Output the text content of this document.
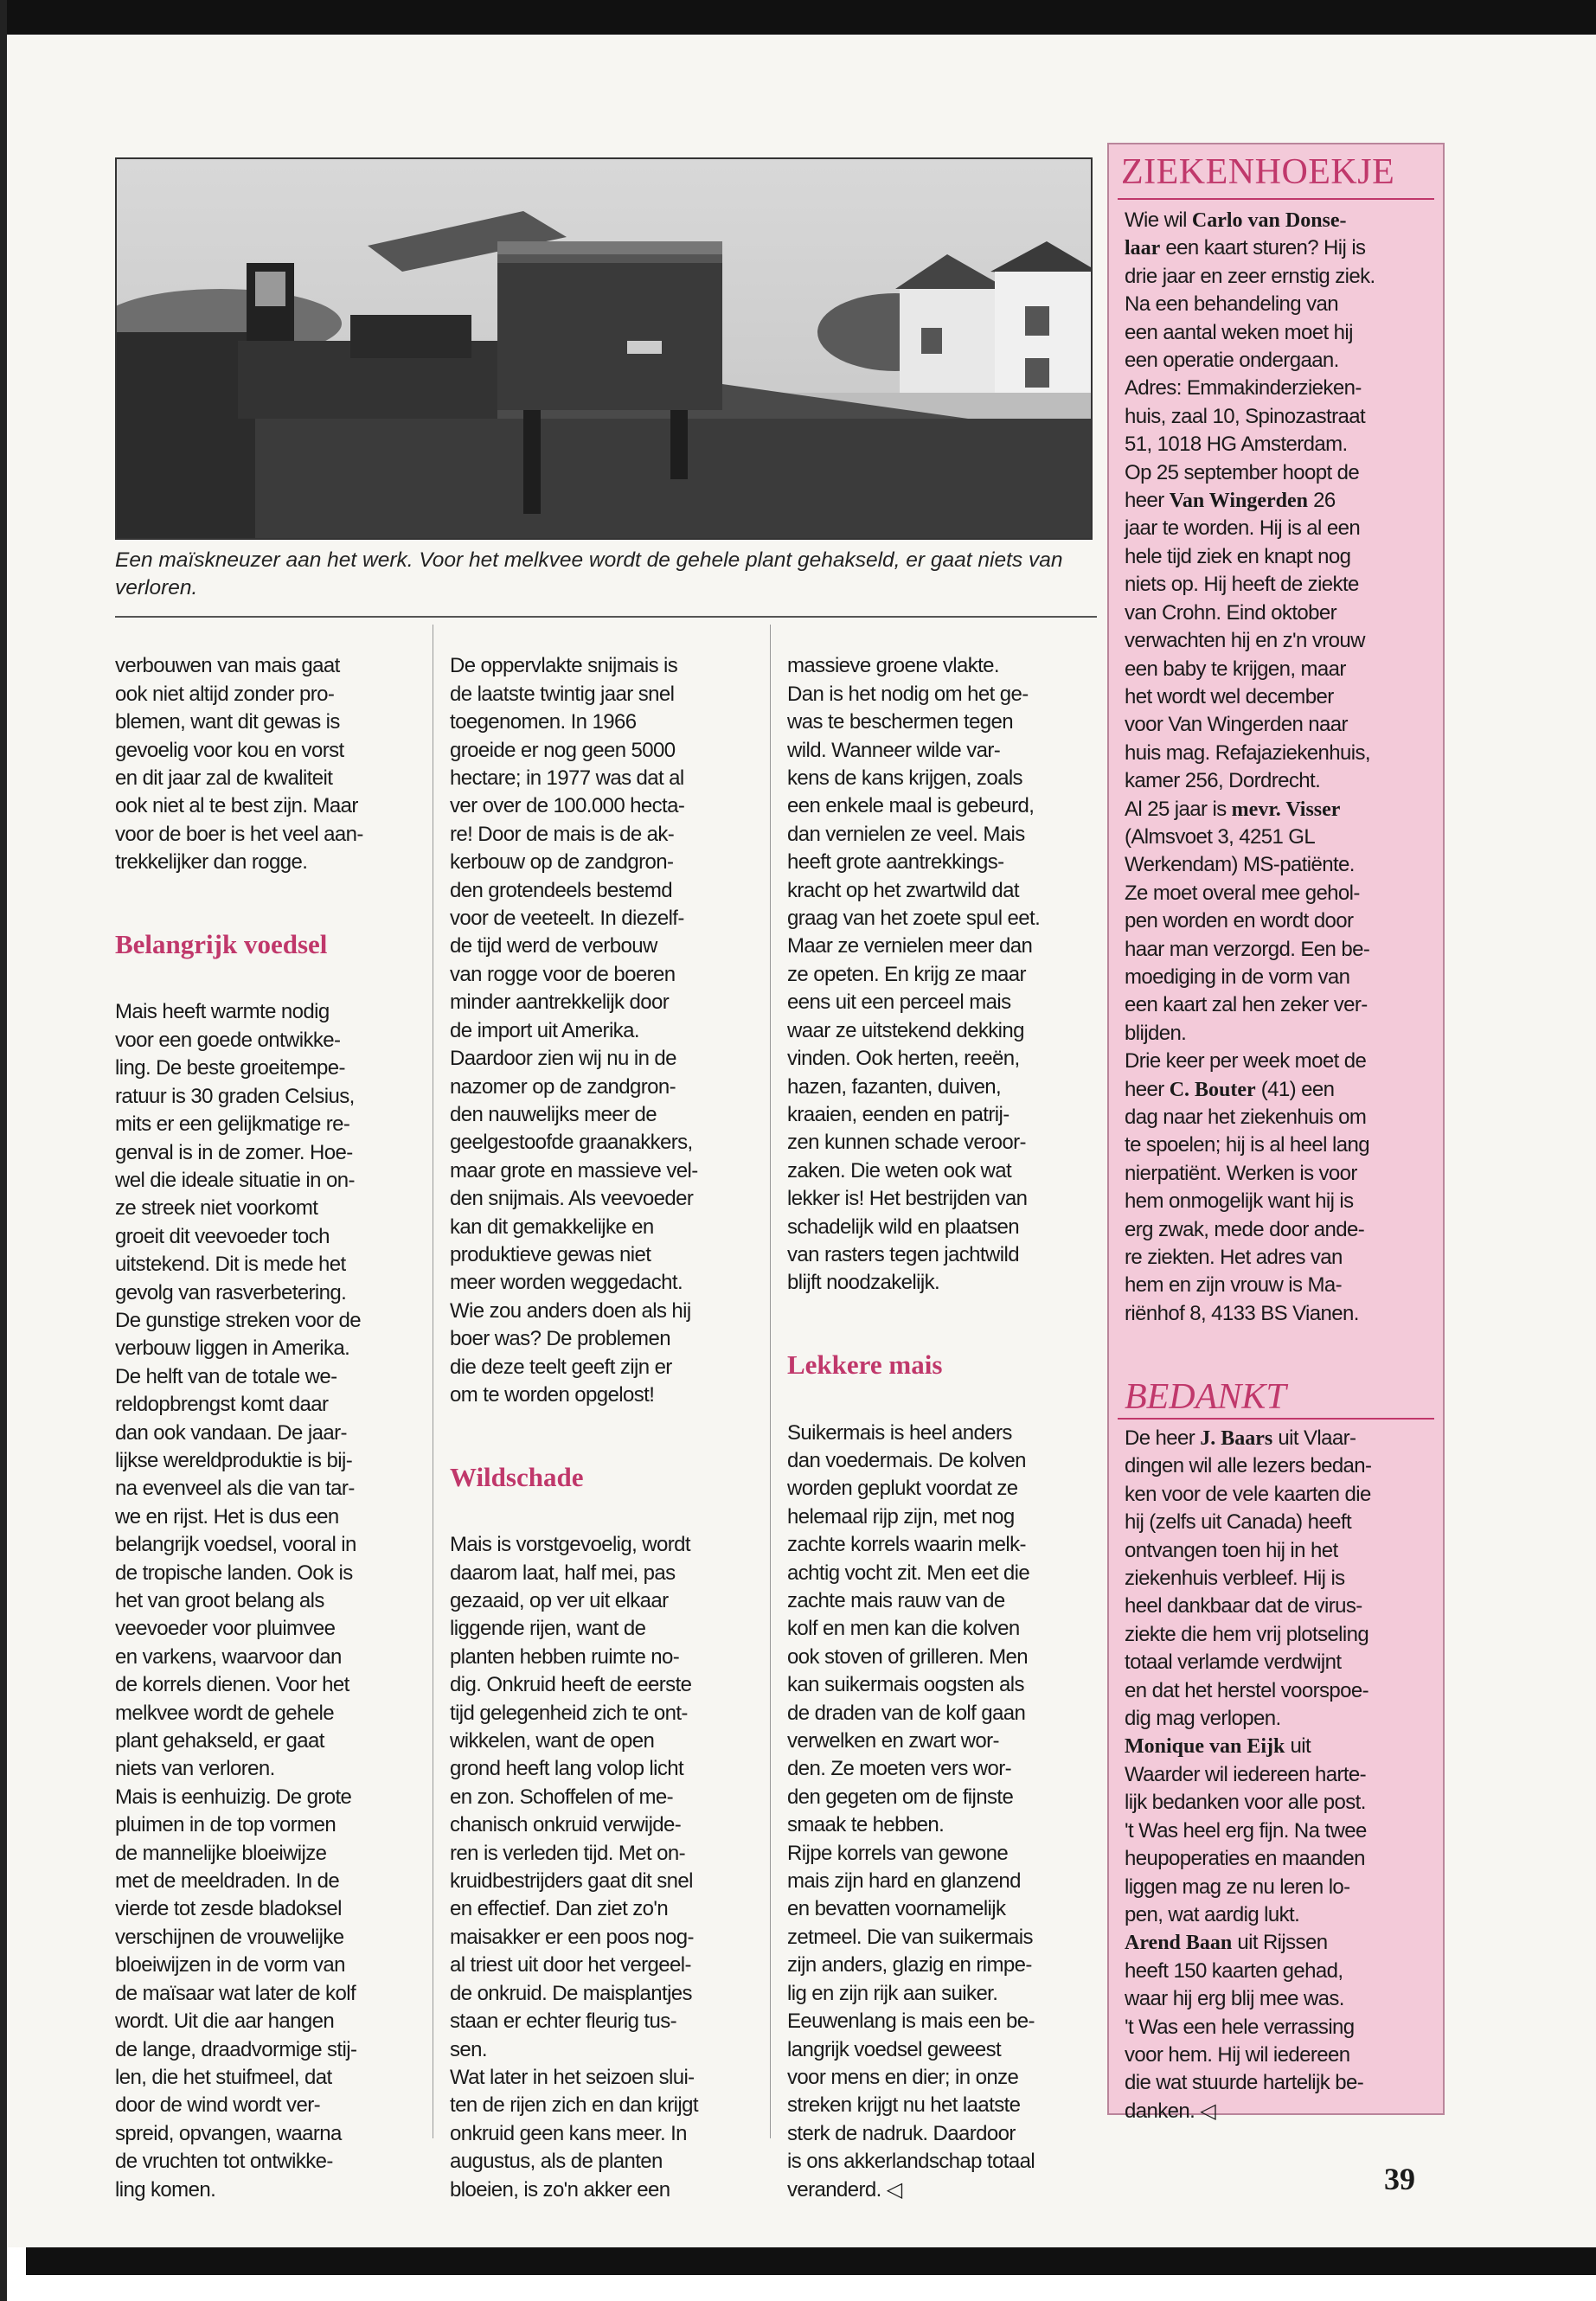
Een maïskneuzer aan het werk. Voor het melkvee wordt de gehele plant gehakseld, er gaat niets van verloren.

verbouwen van mais gaat
ook niet altijd zonder pro-
blemen, want dit gewas is
gevoelig voor kou en vorst
en dit jaar zal de kwaliteit
ook niet al te best zijn. Maar
voor de boer is het veel aan-
trekkelijker dan rogge.

Belangrijk voedsel

Mais heeft warmte nodig
voor een goede ontwikke-
ling. De beste groeitempe-
ratuur is 30 graden Celsius,
mits er een gelijkmatige re-
genval is in de zomer. Hoe-
wel die ideale situatie in on-
ze streek niet voorkomt
groeit dit veevoeder toch
uitstekend. Dit is mede het
gevolg van rasverbetering.
De gunstige streken voor de
verbouw liggen in Amerika.
De helft van de totale we-
reldopbrengst komt daar
dan ook vandaan. De jaar-
lijkse wereldproduktie is bij-
na evenveel als die van tar-
we en rijst. Het is dus een
belangrijk voedsel, vooral in
de tropische landen. Ook is
het van groot belang als
veevoeder voor pluimvee
en varkens, waarvoor dan
de korrels dienen. Voor het
melkvee wordt de gehele
plant gehakseld, er gaat
niets van verloren.
Mais is eenhuizig. De grote
pluimen in de top vormen
de mannelijke bloeiwijze
met de meeldraden. In de
vierde tot zesde bladoksel
verschijnen de vrouwelijke
bloeiwijzen in de vorm van
de maïsaar wat later de kolf
wordt. Uit die aar hangen
de lange, draadvormige stij-
len, die het stuifmeel, dat
door de wind wordt ver-
spreid, opvangen, waarna
de vruchten tot ontwikke-
ling komen.

De oppervlakte snijmais is
de laatste twintig jaar snel
toegenomen. In 1966
groeide er nog geen 5000
hectare; in 1977 was dat al
ver over de 100.000 hecta-
re! Door de mais is de ak-
kerbouw op de zandgron-
den grotendeels bestemd
voor de veeteelt. In diezelf-
de tijd werd de verbouw
van rogge voor de boeren
minder aantrekkelijk door
de import uit Amerika.
Daardoor zien wij nu in de
nazomer op de zandgron-
den nauwelijks meer de
geelgestoofde graanakkers,
maar grote en massieve vel-
den snijmais. Als veevoeder
kan dit gemakkelijke en
produktieve gewas niet
meer worden weggedacht.
Wie zou anders doen als hij
boer was? De problemen
die deze teelt geeft zijn er
om te worden opgelost!

Wildschade

Mais is vorstgevoelig, wordt
daarom laat, half mei, pas
gezaaid, op ver uit elkaar
liggende rijen, want de
planten hebben ruimte no-
dig. Onkruid heeft de eerste
tijd gelegenheid zich te ont-
wikkelen, want de open
grond heeft lang volop licht
en zon. Schoffelen of me-
chanisch onkruid verwijde-
ren is verleden tijd. Met on-
kruidbestrijders gaat dit snel
en effectief. Dan ziet zo'n
maisakker er een poos nog-
al triest uit door het vergeel-
de onkruid. De maisplantjes
staan er echter fleurig tus-
sen.
Wat later in het seizoen slui-
ten de rijen zich en dan krijgt
onkruid geen kans meer. In
augustus, als de planten
bloeien, is zo'n akker een

massieve groene vlakte.
Dan is het nodig om het ge-
was te beschermen tegen
wild. Wanneer wilde var-
kens de kans krijgen, zoals
een enkele maal is gebeurd,
dan vernielen ze veel. Mais
heeft grote aantrekkings-
kracht op het zwartwild dat
graag van het zoete spul eet.
Maar ze vernielen meer dan
ze opeten. En krijg ze maar
eens uit een perceel mais
waar ze uitstekend dekking
vinden. Ook herten, reeën,
hazen, fazanten, duiven,
kraaien, eenden en patrij-
zen kunnen schade veroor-
zaken. Die weten ook wat
lekker is! Het bestrijden van
schadelijk wild en plaatsen
van rasters tegen jachtwild
blijft noodzakelijk.

Lekkere mais

Suikermais is heel anders
dan voedermais. De kolven
worden geplukt voordat ze
helemaal rijp zijn, met nog
zachte korrels waarin melk-
achtig vocht zit. Men eet die
zachte mais rauw van de
kolf en men kan die kolven
ook stoven of grilleren. Men
kan suikermais oogsten als
de draden van de kolf gaan
verwelken en zwart wor-
den. Ze moeten vers wor-
den gegeten om de fijnste
smaak te hebben.
Rijpe korrels van gewone
mais zijn hard en glanzend
en bevatten voornamelijk
zetmeel. Die van suikermais
zijn anders, glazig en rimpe-
lig en zijn rijk aan suiker.
Eeuwenlang is mais een be-
langrijk voedsel geweest
voor mens en dier; in onze
streken krijgt nu het laatste
sterk de nadruk. Daardoor
is ons akkerlandschap totaal
veranderd. ◁

ZIEKENHOEKJE
Wie wil Carlo van Donse-
laar een kaart sturen? Hij is
drie jaar en zeer ernstig ziek.
Na een behandeling van
een aantal weken moet hij
een operatie ondergaan.
Adres: Emmakinderzieken-
huis, zaal 10, Spinozastraat
51, 1018 HG Amsterdam.
Op 25 september hoopt de
heer Van Wingerden 26
jaar te worden. Hij is al een
hele tijd ziek en knapt nog
niets op. Hij heeft de ziekte
van Crohn. Eind oktober
verwachten hij en z'n vrouw
een baby te krijgen, maar
het wordt wel december
voor Van Wingerden naar
huis mag. Refajaziekenhuis,
kamer 256, Dordrecht.
Al 25 jaar is mevr. Visser
(Almsvoet 3, 4251 GL
Werkendam) MS-patiënte.
Ze moet overal mee gehol-
pen worden en wordt door
haar man verzorgd. Een be-
moediging in de vorm van
een kaart zal hen zeker ver-
blijden.
Drie keer per week moet de
heer C. Bouter (41) een
dag naar het ziekenhuis om
te spoelen; hij is al heel lang
nierpatiënt. Werken is voor
hem onmogelijk want hij is
erg zwak, mede door ande-
re ziekten. Het adres van
hem en zijn vrouw is Ma-
riënhof 8, 4133 BS Vianen.
BEDANKT
De heer J. Baars uit Vlaar-
dingen wil alle lezers bedan-
ken voor de vele kaarten die
hij (zelfs uit Canada) heeft
ontvangen toen hij in het
ziekenhuis verbleef. Hij is
heel dankbaar dat de virus-
ziekte die hem vrij plotseling
totaal verlamde verdwijnt
en dat het herstel voorspoe-
dig mag verlopen.
Monique van Eijk uit
Waarder wil iedereen harte-
lijk bedanken voor alle post.
't Was heel erg fijn. Na twee
heupoperaties en maanden
liggen mag ze nu leren lo-
pen, wat aardig lukt.
Arend Baan uit Rijssen
heeft 150 kaarten gehad,
waar hij erg blij mee was.
't Was een hele verrassing
voor hem. Hij wil iedereen
die wat stuurde hartelijk be-
danken. ◁
39
